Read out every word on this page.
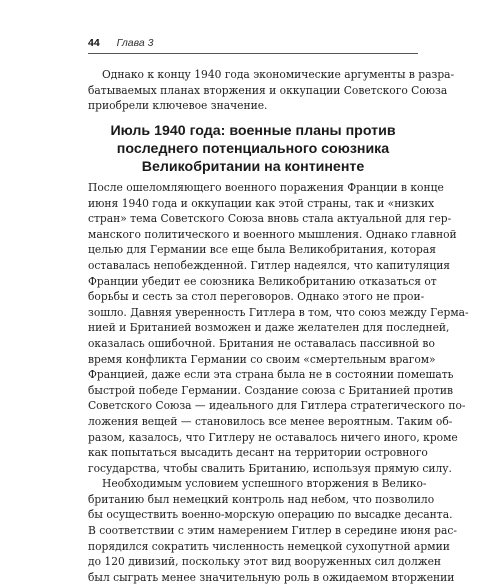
44 Глава 3
Однако к концу 1940 года экономические аргументы в разра-
батываемых планах вторжения и оккупации Советского Союза
приобрели ключевое значение.
Июль 1940 года: военные планы против
последнего потенциального союзника
Великобритании на континенте
После ошеломляющего военного поражения Франции в конце
июня 1940 года и оккупации как этой страны, так и «низких
стран» тема Советского Союза вновь стала актуальной для гер-
манского политического и военного мышления. Однако главной
целью для Германии все еще была Великобритания, которая
оставалась непобежденной. Гитлер надеялся, что капитуляция
Франции убедит ее союзника Великобританию отказаться от
борьбы и сесть за стол переговоров. Однако этого не прои-
зошло. Давняя уверенность Гитлера в том, что союз между Герма-
нией и Британией возможен и даже желателен для последней,
оказалась ошибочной. Британия не оставалась пассивной во
время конфликта Германии со своим «смертельным врагом»
Францией, даже если эта страна была не в состоянии помешать
быстрой победе Германии. Создание союза с Британией против
Советского Союза — идеального для Гитлера стратегического по-
ложения вещей — становилось все менее вероятным. Таким об-
разом, казалось, что Гитлеру не оставалось ничего иного, кроме
как попытаться высадить десант на территории островного
государства, чтобы свалить Британию, используя прямую силу.
Необходимым условием успешного вторжения в Велико-
британию был немецкий контроль над небом, что позволило
бы осуществить военно-морскую операцию по высадке десанта.
В соответствии с этим намерением Гитлер в середине июня рас-
порядился сократить численность немецкой сухопутной армии
до 120 дивизий, поскольку этот вид вооруженных сил должен
был сыграть менее значительную роль в ожидаемом вторжении
